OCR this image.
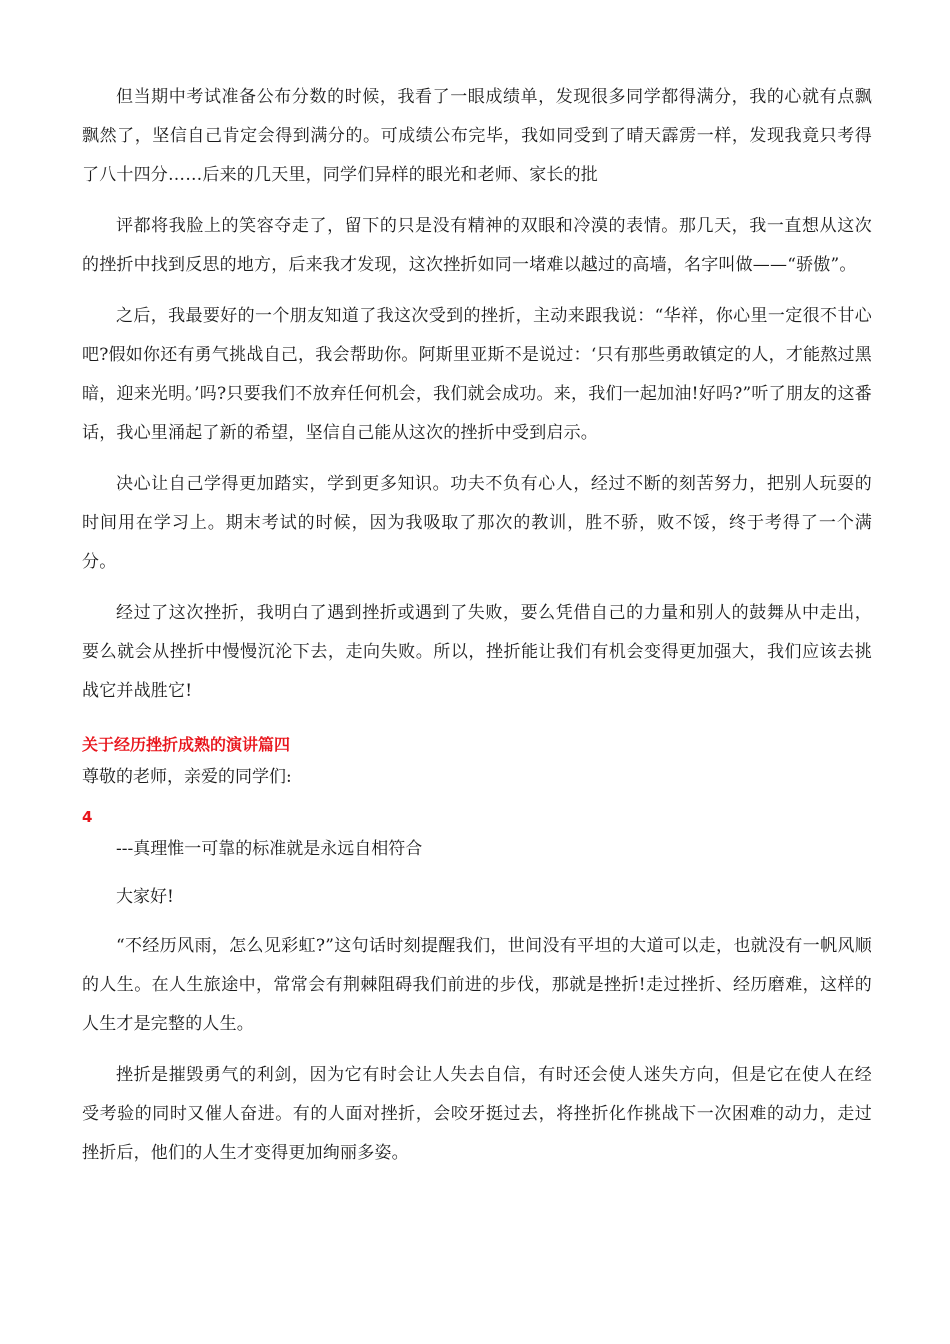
但当期中考试准备公布分数的时候，我看了一眼成绩单，发现很多同学都得满分，我的心就有点飘飘然了，坚信自己肯定会得到满分的。可成绩公布完毕，我如同受到了晴天霹雳一样，发现我竟只考得了八十四分……后来的几天里，同学们异样的眼光和老师、家长的批

评都将我脸上的笑容夺走了，留下的只是没有精神的双眼和冷漠的表情。那几天，我一直想从这次的挫折中找到反思的地方，后来我才发现，这次挫折如同一堵难以越过的高墙，名字叫做——“骄傲”。

之后，我最要好的一个朋友知道了我这次受到的挫折，主动来跟我说：“华祥，你心里一定很不甘心吧?假如你还有勇气挑战自己，我会帮助你。阿斯里亚斯不是说过：‘只有那些勇敢镇定的人，才能熬过黑暗，迎来光明。’吗?只要我们不放弃任何机会，我们就会成功。来，我们一起加油!好吗?”听了朋友的这番话，我心里涌起了新的希望，坚信自己能从这次的挫折中受到启示。

决心让自己学得更加踏实，学到更多知识。功夫不负有心人，经过不断的刻苦努力，把别人玩耍的时间用在学习上。期末考试的时候，因为我吸取了那次的教训，胜不骄，败不馁，终于考得了一个满分。

经过了这次挫折，我明白了遇到挫折或遇到了失败，要么凭借自己的力量和别人的鼓舞从中走出，要么就会从挫折中慢慢沉沦下去，走向失败。所以，挫折能让我们有机会变得更加强大，我们应该去挑战它并战胜它!

关于经历挫折成熟的演讲篇四

尊敬的老师，亲爱的同学们:

4

---真理惟一可靠的标准就是永远自相符合

大家好!

“不经历风雨，怎么见彩虹?”这句话时刻提醒我们，世间没有平坦的大道可以走，也就没有一帆风顺的人生。在人生旅途中，常常会有荆棘阻碍我们前进的步伐，那就是挫折!走过挫折、经历磨难，这样的人生才是完整的人生。

挫折是摧毁勇气的利剑，因为它有时会让人失去自信，有时还会使人迷失方向，但是它在使人在经受考验的同时又催人奋进。有的人面对挫折，会咬牙挺过去，将挫折化作挑战下一次困难的动力，走过挫折后，他们的人生才变得更加绚丽多姿。
